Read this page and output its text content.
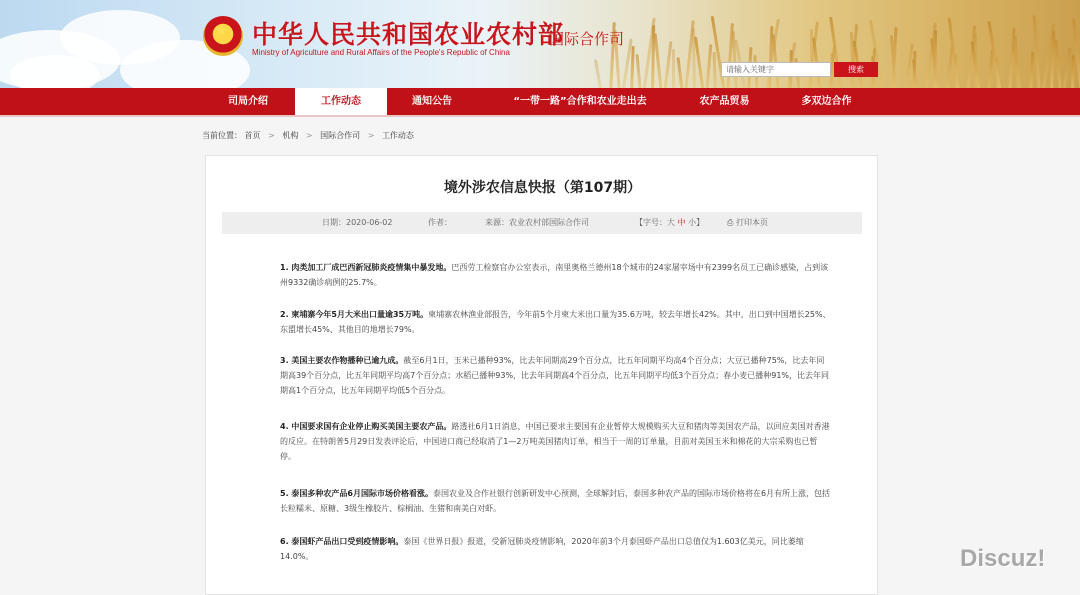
★ 中华人民共和国农业农村部
Ministry of Agriculture and Rural Affairs of the People's Republic of China
国际合作司
请输入关键字	搜索
司局介绍	工作动态	通知公告	“一带一路”合作和农业走出去	农产品贸易	多双边合作
当前位置： 首页 > 机构 > 国际合作司 > 工作动态
境外涉农信息快报（第107期）
日期：2020-06-02	作者：	来源：农业农村部国际合作司	【字号：大 中 小】	⎙ 打印本页
1. 肉类加工厂成巴西新冠肺炎疫情集中暴发地。巴西劳工检察官办公室表示，南里奥格兰德州18个城市的24家屠宰场中有2399名员工已确诊感染，占到该州9332确诊病例的25.7%。
2. 柬埔寨今年5月大米出口量逾35万吨。柬埔寨农林渔业部报告，今年前5个月柬大米出口量为35.6万吨，较去年增长42%。其中，出口到中国增长25%、东盟增长45%、其他目的地增长79%。
3. 美国主要农作物播种已逾九成。截至6月1日，玉米已播种93%，比去年同期高29个百分点，比五年同期平均高4个百分点；大豆已播种75%，比去年同期高39个百分点，比五年同期平均高7个百分点；水稻已播种93%，比去年同期高4个百分点，比五年同期平均低3个百分点；春小麦已播种91%，比去年同期高1个百分点，比五年同期平均低5个百分点。
4. 中国要求国有企业停止购买美国主要农产品。路透社6月1日消息，中国已要求主要国有企业暂停大规模购买大豆和猪肉等美国农产品，以回应美国对香港的反应。在特朗普5月29日发表评论后，中国进口商已经取消了1—2万吨美国猪肉订单，相当于一周的订单量，目前对美国玉米和棉花的大宗采购也已暂停。
5. 泰国多种农产品6月国际市场价格看涨。泰国农业及合作社银行创新研发中心预测，全球解封后，泰国多种农产品的国际市场价格将在6月有所上涨，包括长粒糯米、原糖、3级生橡胶片、棕榈油、生猪和南美白对虾。
6. 泰国虾产品出口受到疫情影响。泰国《世界日报》报道，受新冠肺炎疫情影响，2020年前3个月泰国虾产品出口总值仅为1.603亿美元，同比萎缩14.0%。	Discuz!
